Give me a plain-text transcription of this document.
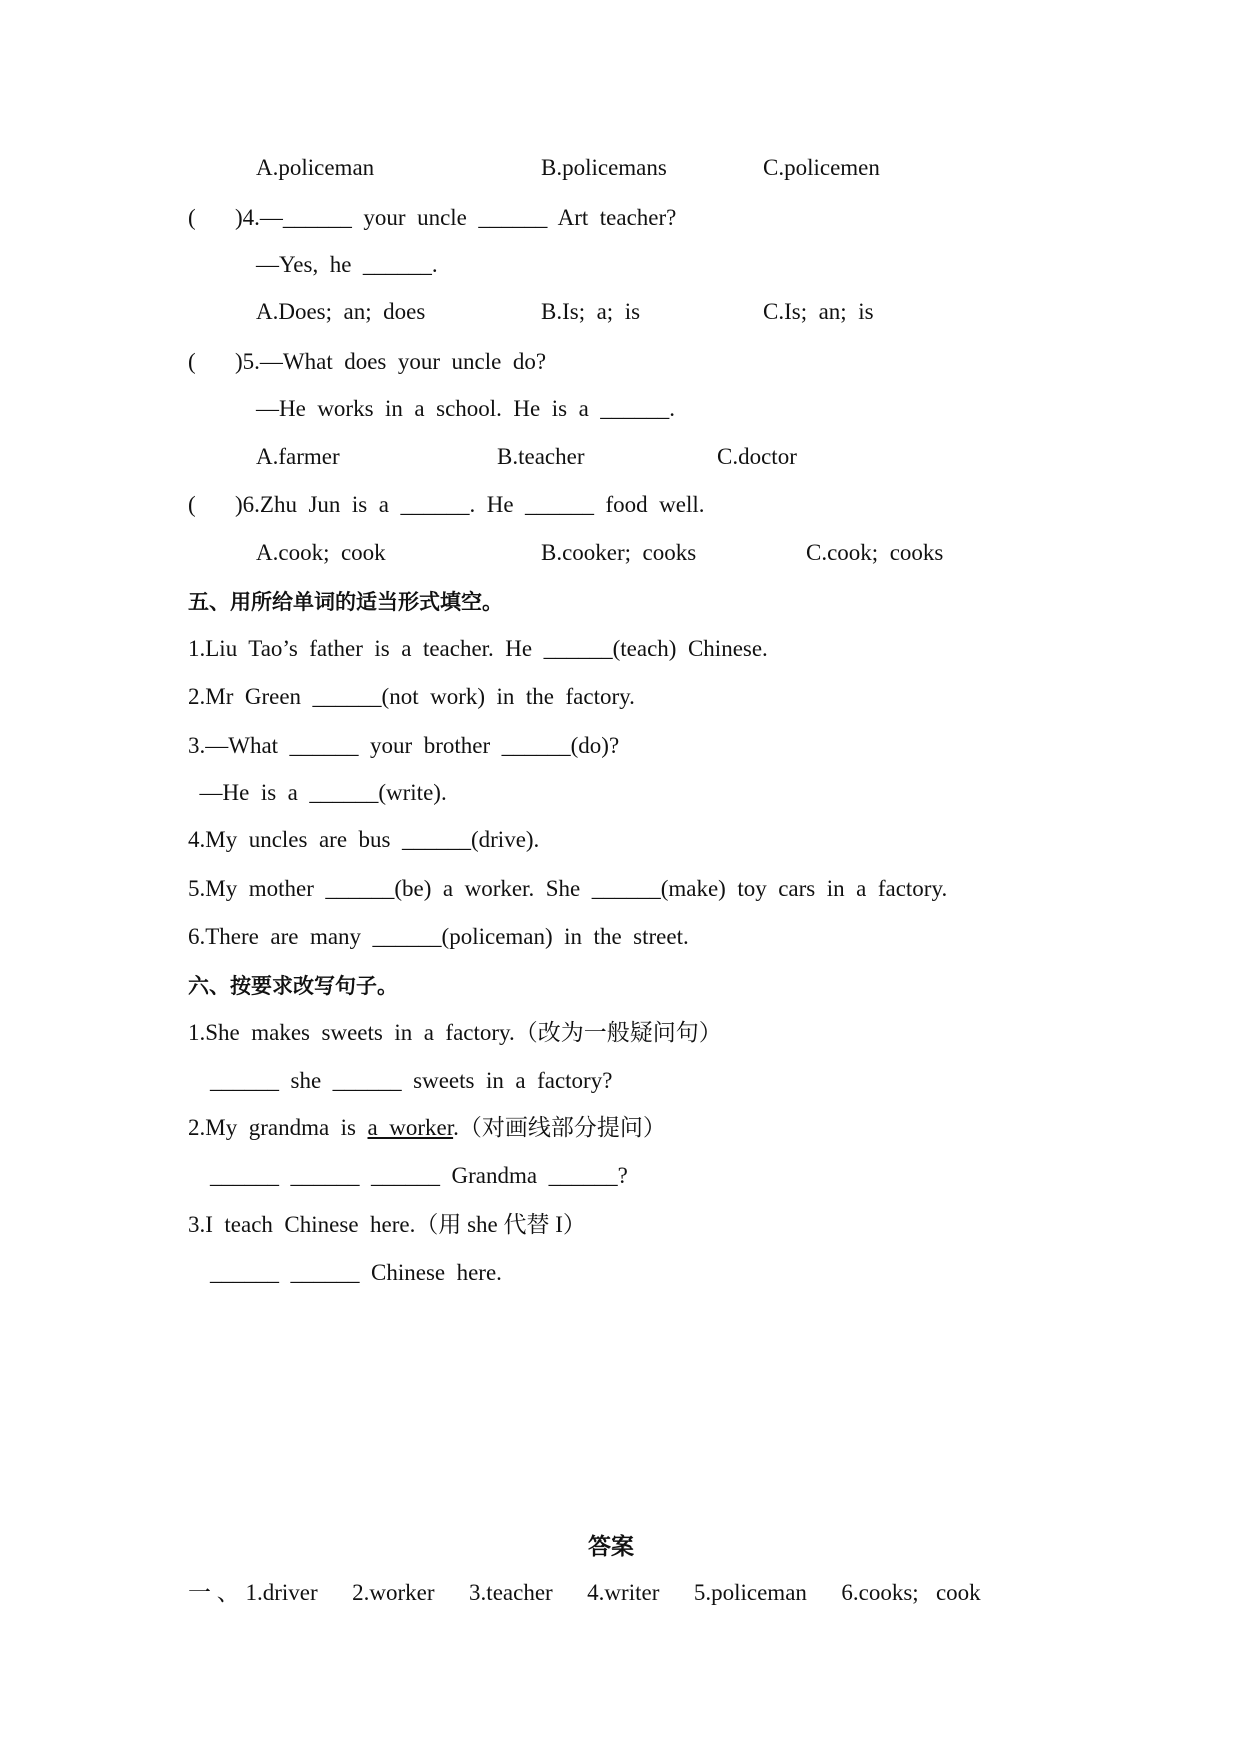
A.policeman	B.policemans	C.policemen
( )4.—______  your  uncle  ______  Art  teacher?
—Yes,  he  ______.
A.Does;  an;  does	B.Is;  a;  is	C.Is;  an;  is
( )5.—What  does  your  uncle  do?
—He  works  in  a  school.  He  is  a  ______.
A.farmer	B.teacher	C.doctor
( )6.Zhu  Jun  is  a  ______.  He  ______  food  well.
A.cook;  cook	B.cooker;  cooks	C.cook;  cooks
五、用所给单词的适当形式填空。
1.Liu  Tao’s  father  is  a  teacher.  He  ______(teach)  Chinese.
2.Mr  Green  ______(not  work)  in  the  factory.
3.—What  ______  your  brother  ______(do)?
—He  is  a  ______(write).
4.My  uncles  are  bus  ______(drive).
5.My  mother  ______(be)  a  worker.  She  ______(make)  toy  cars  in  a  factory.
6.There  are  many  ______(policeman)  in  the  street.
六、按要求改写句子。
1.She  makes  sweets  in  a  factory.（改为一般疑问句）
______  she  ______  sweets  in  a  factory?
2.My  grandma  is  a  worker.（对画线部分提问）
______  ______  ______  Grandma  ______?
3.I  teach  Chinese  here.（用 she 代替 I）
______  ______  Chinese  here.
答案
一 、 1.driver      2.worker      3.teacher      4.writer      5.policeman      6.cooks;   cook
